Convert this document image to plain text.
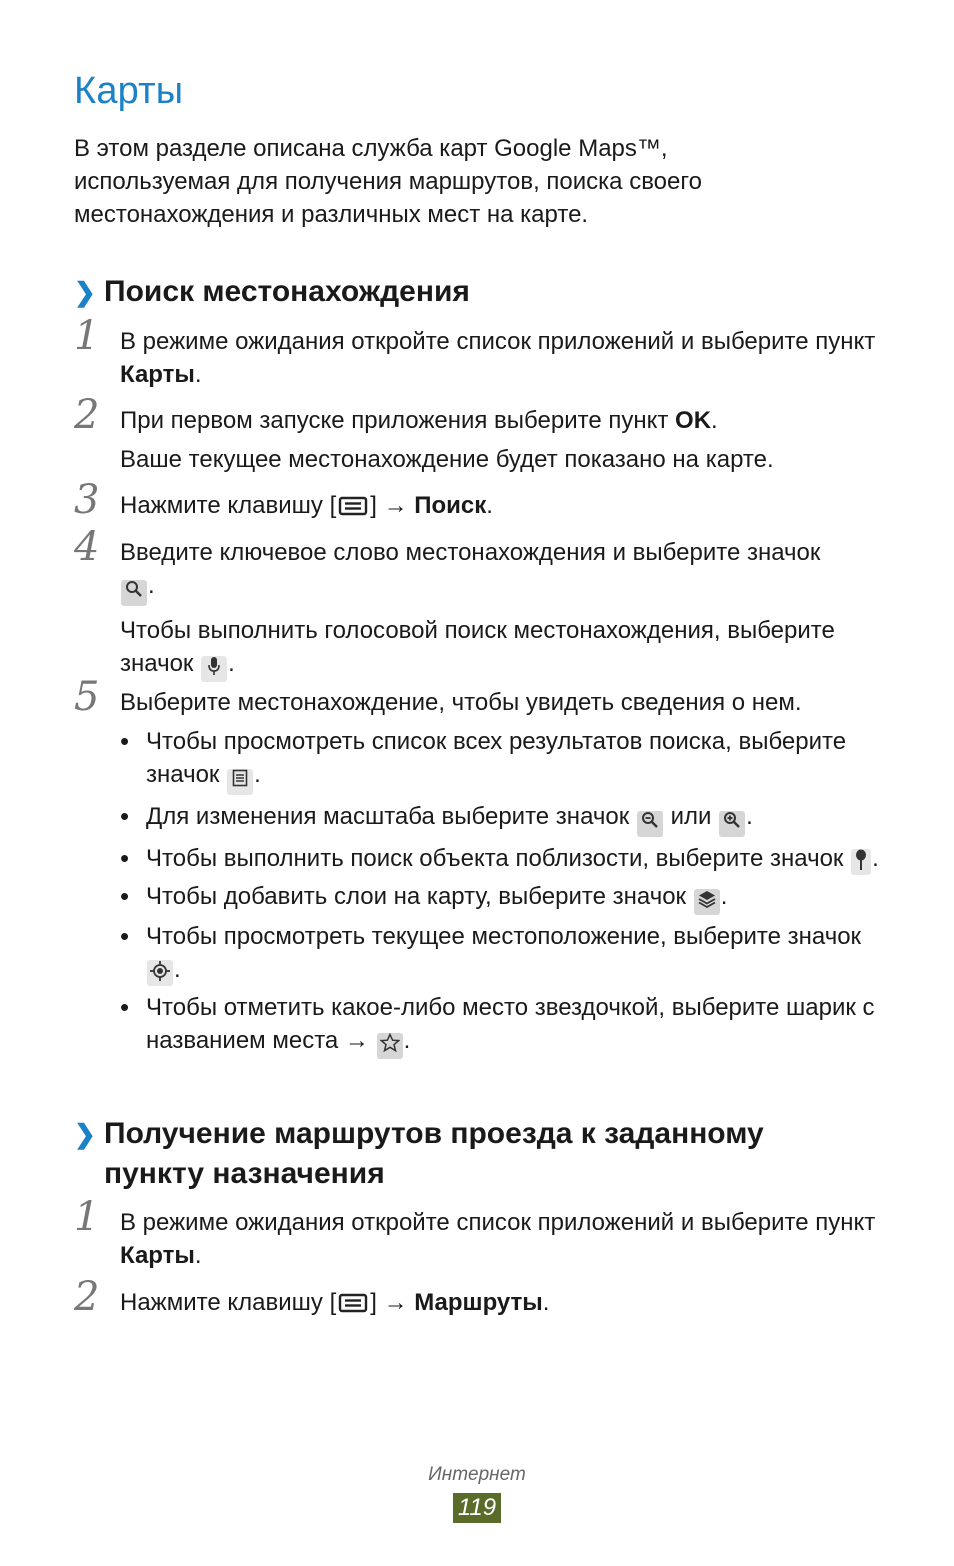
Карты
В этом разделе описана служба карт Google Maps™,
используемая для получения маршрутов, поиска своего
местонахождения и различных мест на карте.
❯ Поиск местонахождения
1 В режиме ожидания откройте список приложений и выберите пункт Карты.

2 При первом запуске приложения выберите пункт OK.

Ваше текущее местонахождение будет показано на карте.

3 Нажмите клавишу [ ] → Поиск.

4 Введите ключевое слово местонахождения и выберите значок
.

Чтобы выполнить голосовой поиск местонахождения, выберите значок .

5 Выберите местонахождение, чтобы увидеть сведения о нем.

• Чтобы просмотреть список всех результатов поиска, выберите значок .
• Для изменения масштаба выберите значок или .
• Чтобы выполнить поиск объекта поблизости, выберите значок .
• Чтобы добавить слои на карту, выберите значок .
• Чтобы просмотреть текущее местоположение, выберите значок .
• Чтобы отметить какое-либо место звездочкой, выберите шарик с названием места → .
❯ Получение маршрутов проезда к заданному
пункту назначения
1 В режиме ожидания откройте список приложений и выберите пункт Карты.

2 Нажмите клавишу [ ] → Маршруты.

Интернет
119
